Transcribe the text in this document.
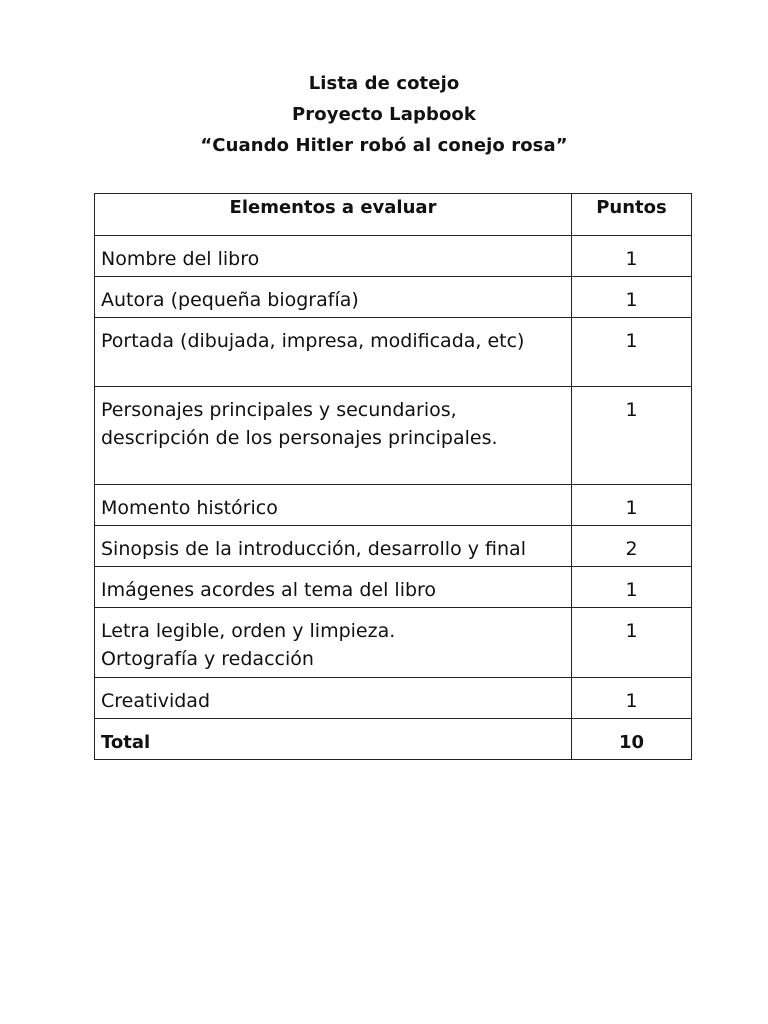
Lista de cotejo
Proyecto Lapbook
“Cuando Hitler robó al conejo rosa”
Elementos a evaluar	Puntos

Nombre del libro	1

Autora (pequeña biografía)	1

Portada (dibujada, impresa, modificada, etc)	1

Personajes principales y secundarios,
descripción de los personajes principales.	1

Momento histórico	1

Sinopsis de la introducción, desarrollo y final	2

Imágenes acordes al tema del libro	1

Letra legible, orden y limpieza.
Ortografía y redacción	1

Creatividad	1

Total	10
